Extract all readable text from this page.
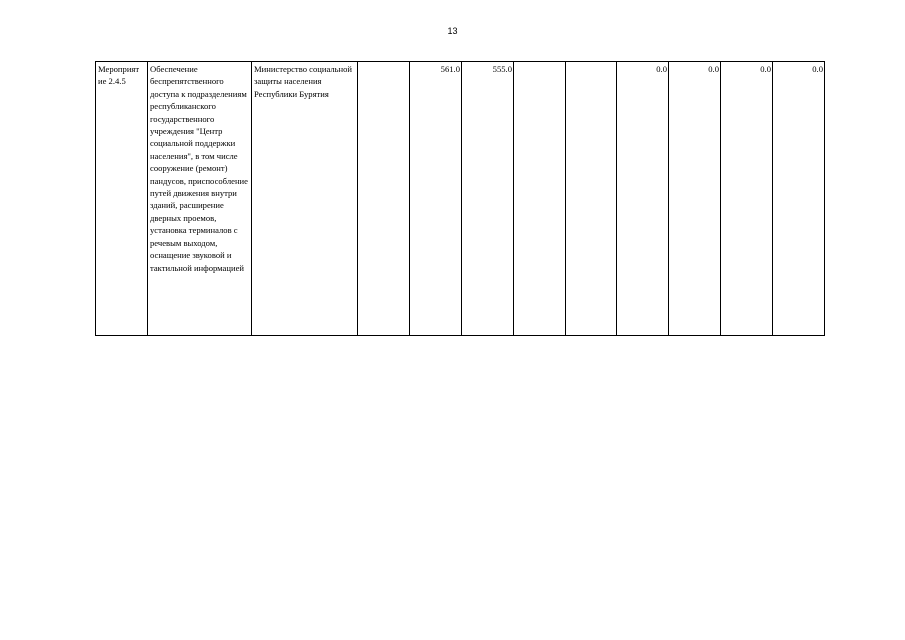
13
Мероприят ие 2.4.5	Обеспечение беспрепятственного доступа к подразделениям республиканского государственного учреждения "Центр социальной поддержки населения", в том числе сооружение (ремонт) пандусов, приспособление путей движения внутри зданий, расширение дверных проемов, установка терминалов с речевым выходом, оснащение звуковой и тактильной информацией	Министерство социальной защиты населения Республики Бурятия		561.0	555.0			0.0	0.0	0.0	0.0
